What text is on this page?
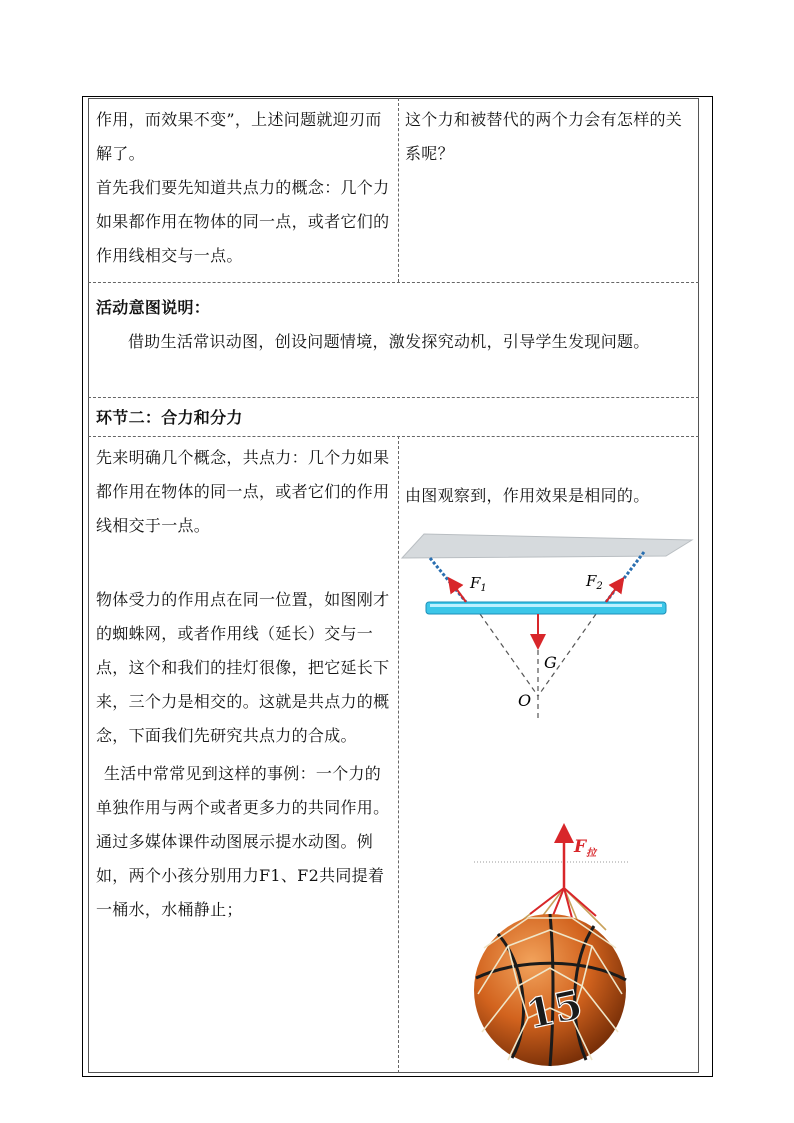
作用，而效果不变”，上述问题就迎刃而解了。

首先我们要先知道共点力的概念：几个力如果都作用在物体的同一点，或者它们的作用线相交与一点。

这个力和被替代的两个力会有怎样的关系呢？

活动意图说明：

借助生活常识动图，创设问题情境，激发探究动机，引导学生发现问题。

环节二：合力和分力

先来明确几个概念，共点力：几个力如果都作用在物体的同一点，或者它们的作用线相交于一点。

物体受力的作用点在同一位置，如图刚才的蜘蛛网，或者作用线（延长）交与一点，这个和我们的挂灯很像，把它延长下来，三个力是相交的。这就是共点力的概念，下面我们先研究共点力的合成。

生活中常常见到这样的事例：一个力的单独作用与两个或者更多力的共同作用。通过多媒体课件动图展示提水动图。例如，两个小孩分别用力F1、F2共同提着一桶水，水桶静止；

由图观察到，作用效果是相同的。

$F_1$	$F_2$
G
O
$F_拉$
15
